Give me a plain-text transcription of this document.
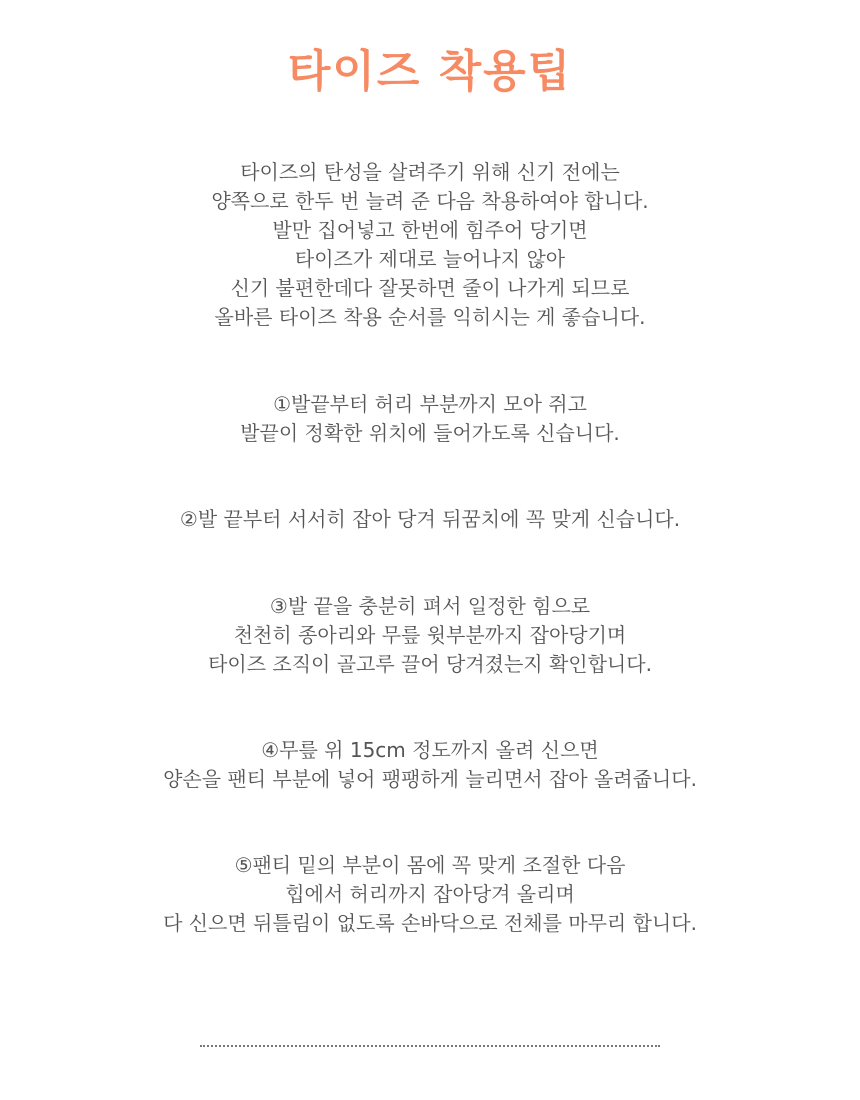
타이즈 착용팁
타이즈의 탄성을 살려주기 위해 신기 전에는
양쪽으로 한두 번 늘려 준 다음 착용하여야 합니다.
발만 집어넣고 한번에 힘주어 당기면
타이즈가 제대로 늘어나지 않아
신기 불편한데다 잘못하면 줄이 나가게 되므로
올바른 타이즈 착용 순서를 익히시는 게 좋습니다.
①발끝부터 허리 부분까지 모아 쥐고
발끝이 정확한 위치에 들어가도록 신습니다.
②발 끝부터 서서히 잡아 당겨 뒤꿈치에 꼭 맞게 신습니다.
③발 끝을 충분히 펴서 일정한 힘으로
천천히 종아리와 무릎 윗부분까지 잡아당기며
타이즈 조직이 골고루 끌어 당겨졌는지 확인합니다.
④무릎 위 15cm 정도까지 올려 신으면
양손을 팬티 부분에 넣어 팽팽하게 늘리면서 잡아 올려줍니다.
⑤팬티 밑의 부분이 몸에 꼭 맞게 조절한 다음
힙에서 허리까지 잡아당겨 올리며
다 신으면 뒤틀림이 없도록 손바닥으로 전체를 마무리 합니다.
